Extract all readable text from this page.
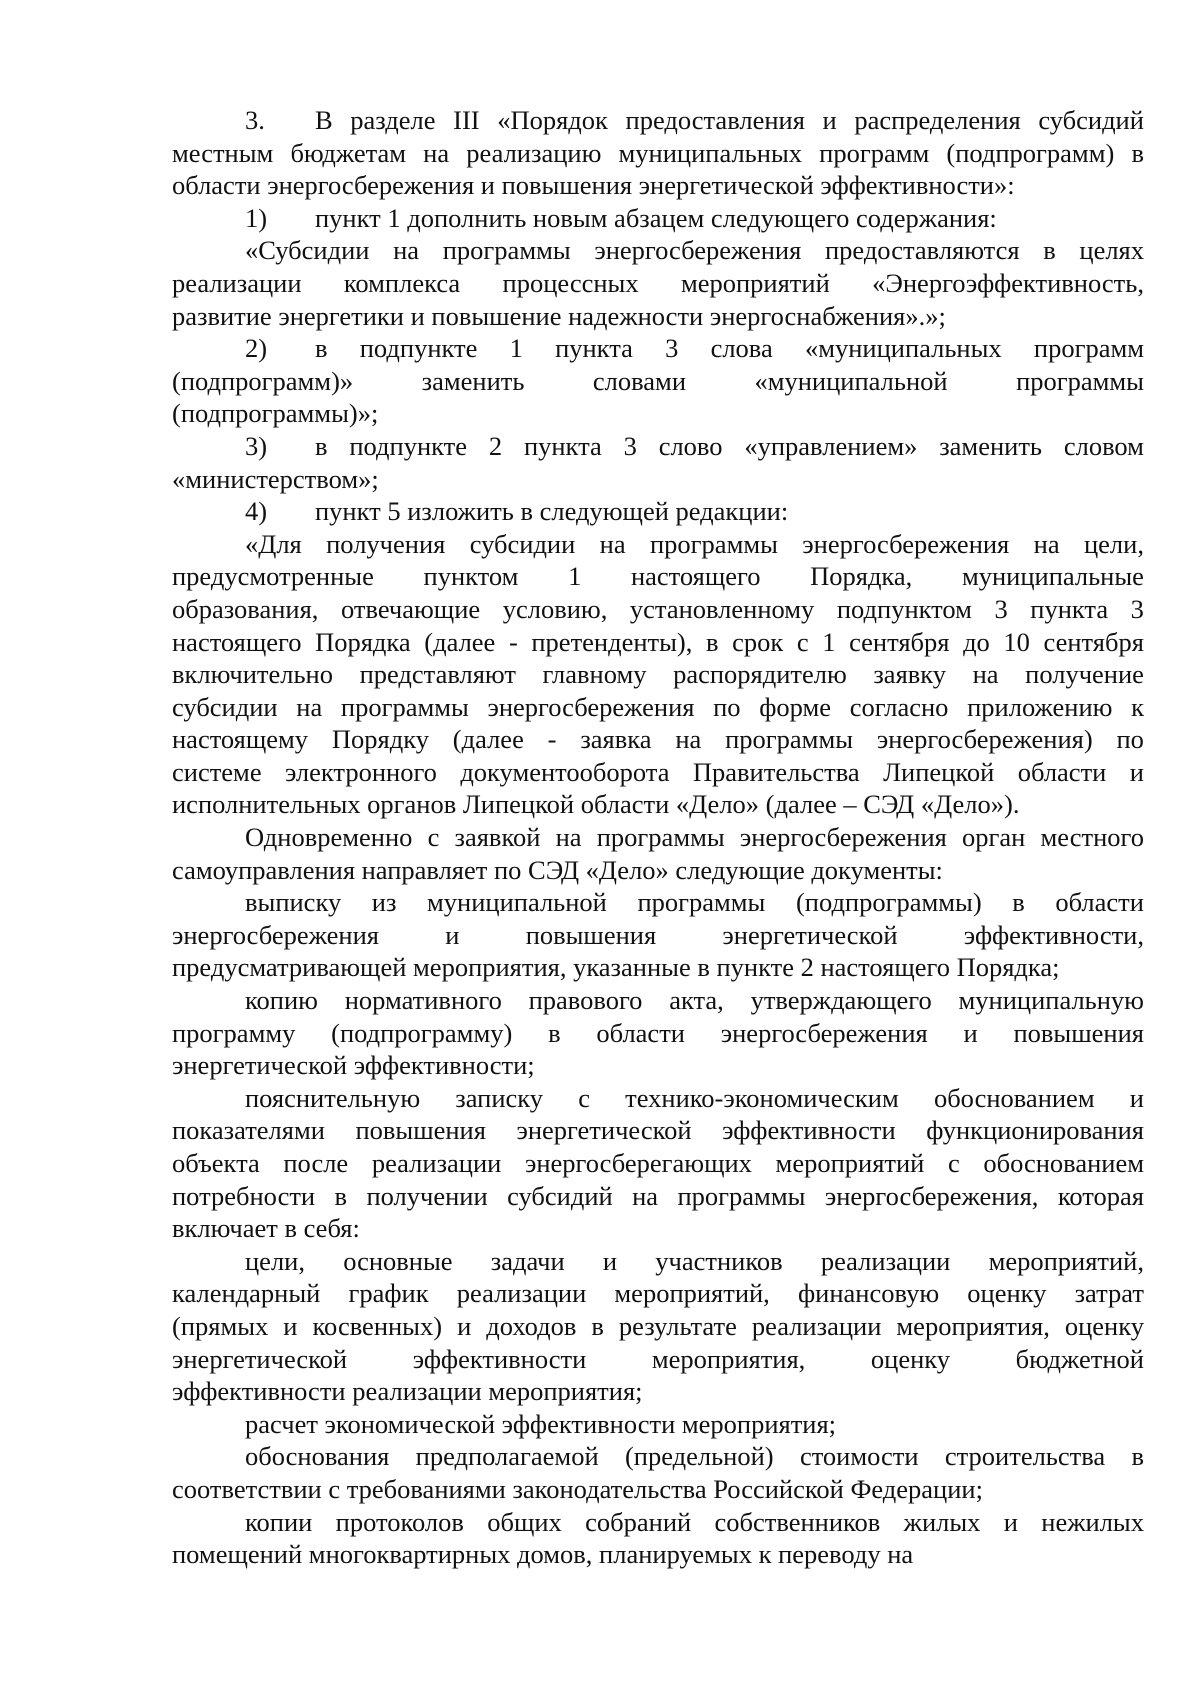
3.	В разделе III «Порядок предоставления и распределения субсидий
местным бюджетам на реализацию муниципальных программ (подпрограмм) в
области энергосбережения и повышения энергетической эффективности»:
1)	пункт 1 дополнить новым абзацем следующего содержания:
«Субсидии на программы энергосбережения предоставляются в целях
реализации комплекса процессных мероприятий «Энергоэффективность,
развитие энергетики и повышение надежности энергоснабжения».»;
2)	в подпункте 1 пункта 3 слова «муниципальных программ
(подпрограмм)»	заменить	словами	«муниципальной	программы
(подпрограммы)»;
3)	в подпункте 2 пункта 3 слово «управлением» заменить словом
«министерством»;
4)	пункт 5 изложить в следующей редакции:
«Для получения субсидии на программы энергосбережения на цели,
предусмотренные пунктом 1 настоящего Порядка, муниципальные
образования, отвечающие условию, установленному подпунктом 3 пункта 3
настоящего Порядка (далее - претенденты), в срок с 1 сентября до 10 сентября
включительно представляют главному распорядителю заявку на получение
субсидии на программы энергосбережения по форме согласно приложению к
настоящему Порядку (далее - заявка на программы энергосбережения) по
системе электронного документооборота Правительства Липецкой области и
исполнительных органов Липецкой области «Дело» (далее – СЭД «Дело»).
Одновременно с заявкой на программы энергосбережения орган местного
самоуправления направляет по СЭД «Дело» следующие документы:
выписку из муниципальной программы (подпрограммы) в области
энергосбережения	и	повышения	энергетической	эффективности,
предусматривающей мероприятия, указанные в пункте 2 настоящего Порядка;
копию нормативного правового акта, утверждающего муниципальную
программу (подпрограмму) в области энергосбережения и повышения
энергетической эффективности;
пояснительную записку с технико-экономическим обоснованием и
показателями повышения энергетической эффективности функционирования
объекта после реализации энергосберегающих мероприятий с обоснованием
потребности в получении субсидий на программы энергосбережения, которая
включает в себя:
цели, основные задачи и участников реализации мероприятий,
календарный график реализации мероприятий, финансовую оценку затрат
(прямых и косвенных) и доходов в результате реализации мероприятия, оценку
энергетической эффективности мероприятия, оценку бюджетной
эффективности реализации мероприятия;
расчет экономической эффективности мероприятия;
обоснования предполагаемой (предельной) стоимости строительства в
соответствии с требованиями законодательства Российской Федерации;
копии протоколов общих собраний собственников жилых и нежилых
помещений многоквартирных домов, планируемых к переводу на
